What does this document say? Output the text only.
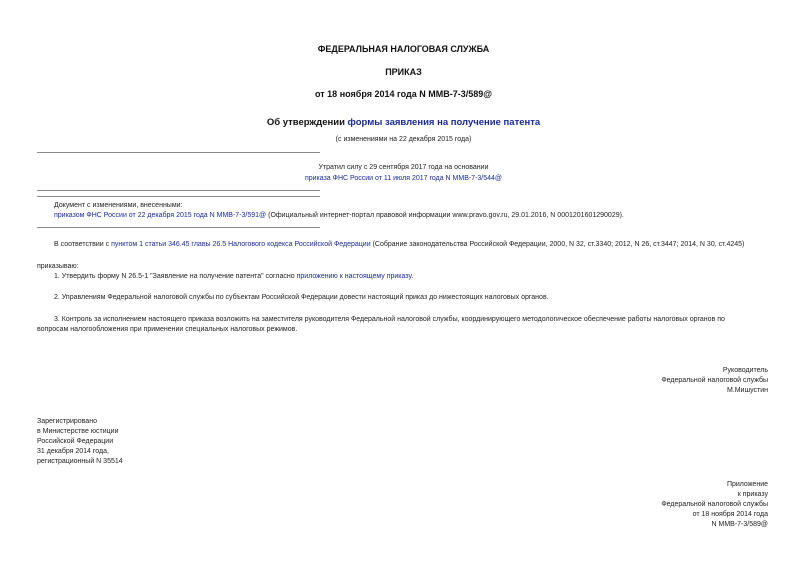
ФЕДЕРАЛЬНАЯ НАЛОГОВАЯ СЛУЖБА
ПРИКАЗ
от 18 ноября 2014 года N ММВ-7-3/589@
Об утверждении формы заявления на получение патента
(с изменениями на 22 декабря 2015 года)
Утратил силу с 29 сентября 2017 года на основании
приказа ФНС России от 11 июля 2017 года N ММВ-7-3/544@
Документ с изменениями, внесенными:
приказом ФНС России от 22 декабря 2015 года N ММВ-7-3/591@ (Официальный интернет-портал правовой информации www.pravo.gov.ru, 29.01.2016, N 0001201601290029).
В соответствии с пунктом 1 статьи 346.45 главы 26.5 Налогового кодекса Российской Федерации (Собрание законодательства Российской Федерации, 2000, N 32, ст.3340; 2012, N 26, ст.3447; 2014, N 30, ст.4245)
приказываю:
1. Утвердить форму N 26.5-1 "Заявление на получение патента" согласно приложению к настоящему приказу.
2. Управлениям Федеральной налоговой службы по субъектам Российской Федерации довести настоящий приказ до нижестоящих налоговых органов.
3. Контроль за исполнением настоящего приказа возложить на заместителя руководителя Федеральной налоговой службы, координирующего методологическое обеспечение работы налоговых органов по
вопросам налогообложения при применении специальных налоговых режимов.
Руководитель
Федеральной налоговой службы
М.Мишустин
Зарегистрировано
в Министерстве юстиции
Российской Федерации
31 декабря 2014 года,
регистрационный N 35514
Приложение
к приказу
Федеральной налоговой службы
от 18 ноября 2014 года
N ММВ-7-3/589@
